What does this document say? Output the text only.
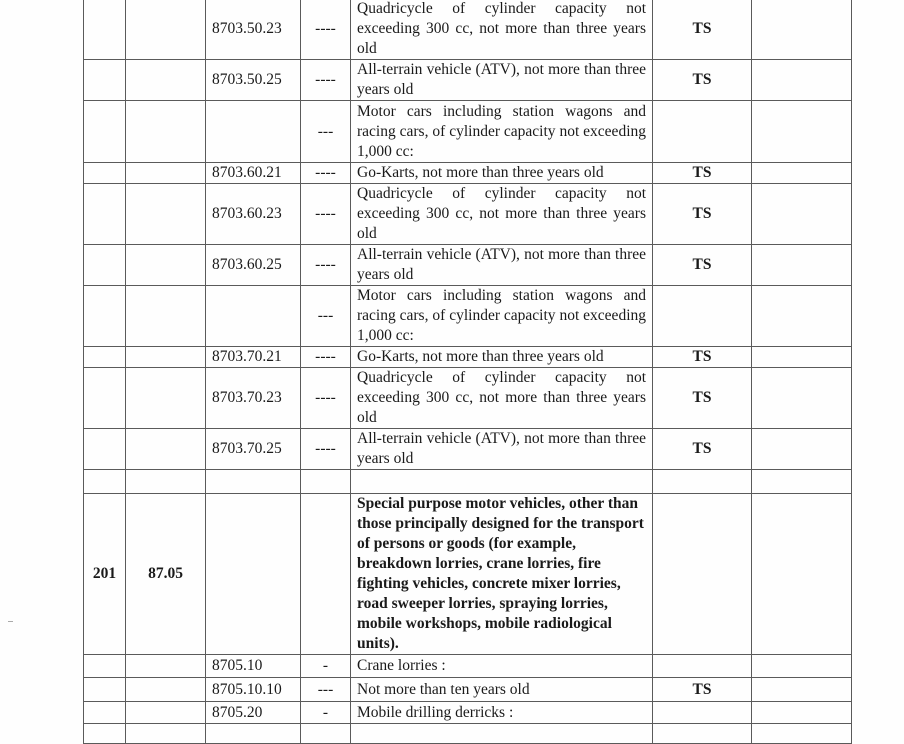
		8703.50.23	----	Quadricycle of cylinder capacity not exceeding 300 cc, not more than three years old	TS	
		8703.50.25	----	All-terrain vehicle (ATV), not more than three years old	TS	
			---	Motor cars including station wagons and racing cars, of cylinder capacity not exceeding 1,000 cc:		
		8703.60.21	----	Go-Karts, not more than three years old	TS	
		8703.60.23	----	Quadricycle of cylinder capacity not exceeding 300 cc, not more than three years old	TS	
		8703.60.25	----	All-terrain vehicle (ATV), not more than three years old	TS	
			---	Motor cars including station wagons and racing cars, of cylinder capacity not exceeding 1,000 cc:		
		8703.70.21	----	Go-Karts, not more than three years old	TS	
		8703.70.23	----	Quadricycle of cylinder capacity not exceeding 300 cc, not more than three years old	TS	
		8703.70.25	----	All-terrain vehicle (ATV), not more than three years old	TS	

201	87.05			Special purpose motor vehicles, other than those principally designed for the transport of persons or goods (for example, breakdown lorries, crane lorries, fire fighting vehicles, concrete mixer lorries, road sweeper lorries, spraying lorries, mobile workshops, mobile radiological units).		
		8705.10	-	Crane lorries :		
		8705.10.10	---	Not more than ten years old	TS	
		8705.20	-	Mobile drilling derricks :		
